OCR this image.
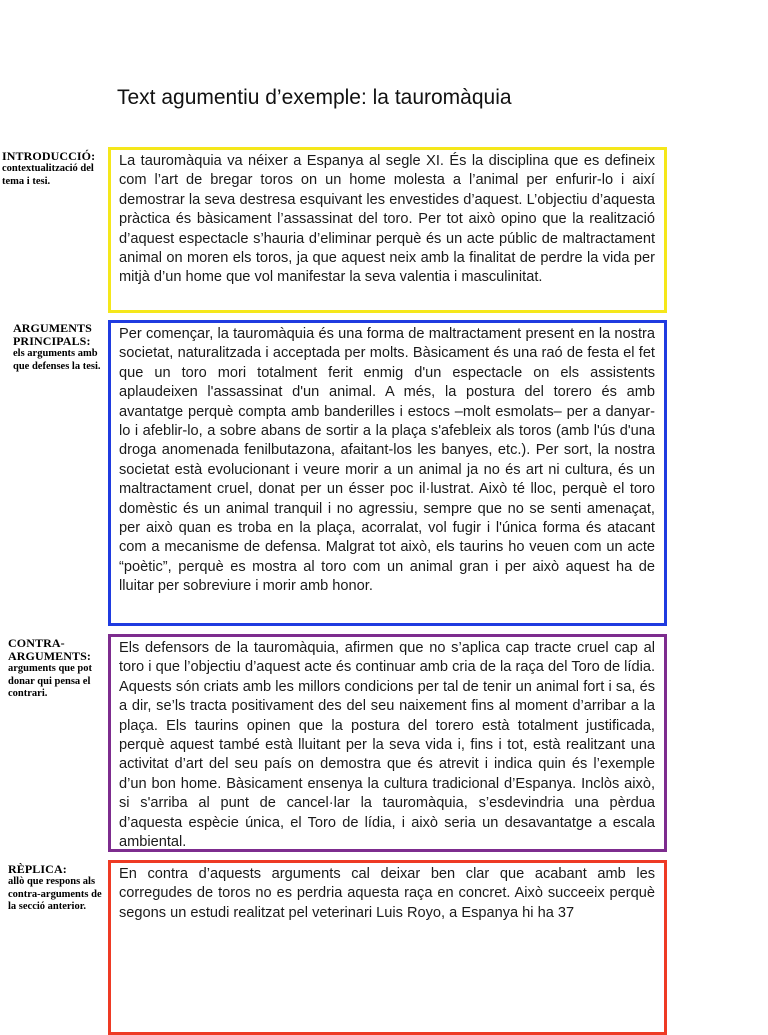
Text agumentiu d’exemple: la tauromàquia
INTRODUCCIÓ:
contextualització del tema i tesi.

La tauromàquia va néixer a Espanya al segle XI. És la disciplina que es defineix com l’art de bregar toros on un home molesta a l’animal per enfurir-lo i així demostrar la seva destresa esquivant les envestides d’aquest. L’objectiu d’aquesta pràctica és bàsicament l’assassinat del toro. Per tot això opino que la realització d’aquest espectacle s’hauria d’eliminar perquè és un acte públic de maltractament animal on moren els toros, ja que aquest neix amb la finalitat de perdre la vida per mitjà d’un home que vol manifestar la seva valentia i masculinitat.

ARGUMENTS PRINCIPALS:
els arguments amb que defenses la tesi.

Per començar, la tauromàquia és una forma de maltractament present en la nostra societat, naturalitzada i acceptada per molts. Bàsicament és una raó de festa el fet que un toro mori totalment ferit enmig d'un espectacle on els assistents aplaudeixen l'assassinat d'un animal. A més, la postura del torero és amb avantatge perquè compta amb banderilles i estocs –molt esmolats– per a danyar-lo i afeblir-lo, a sobre abans de sortir a la plaça s'afebleix als toros (amb l'ús d'una droga anomenada fenilbutazona, afaitant-los les banyes, etc.). Per sort, la nostra societat està evolucionant i veure morir a un animal ja no és art ni cultura, és un maltractament cruel, donat per un ésser poc il·lustrat. Això té lloc, perquè el toro domèstic és un animal tranquil i no agressiu, sempre que no se senti amenaçat, per això quan es troba en la plaça, acorralat, vol fugir i l'única forma és atacant com a mecanisme de defensa. Malgrat tot això, els taurins ho veuen com un acte “poètic”, perquè es mostra al toro com un animal gran i per això aquest ha de lluitar per sobreviure i morir amb honor.

CONTRA-ARGUMENTS:
arguments que pot donar qui pensa el contrari.

Els defensors de la tauromàquia, afirmen que no s’aplica cap tracte cruel cap al toro i que l’objectiu d’aquest acte és continuar amb cria de la raça del Toro de lídia. Aquests són criats amb les millors condicions per tal de tenir un animal fort i sa, és a dir, se’ls tracta positivament des del seu naixement fins al moment d’arribar a la plaça. Els taurins opinen que la postura del torero està totalment justificada, perquè aquest també està lluitant per la seva vida i, fins i tot, està realitzant una activitat d’art del seu país on demostra que és atrevit i indica quin és l’exemple d’un bon home. Bàsicament ensenya la cultura tradicional d’Espanya. Inclòs això, si s'arriba al punt de cancel·lar la tauromàquia, s’esdevindria una pèrdua d’aquesta espècie única, el Toro de lídia, i això seria un desavantatge a escala ambiental.

RÈPLICA:
allò que respons als contra-arguments de la secció anterior.

En contra d’aquests arguments cal deixar ben clar que acabant amb les corregudes de toros no es perdria aquesta raça en concret. Això succeeix perquè segons un estudi realitzat pel veterinari Luis Royo, a Espanya hi ha 37
